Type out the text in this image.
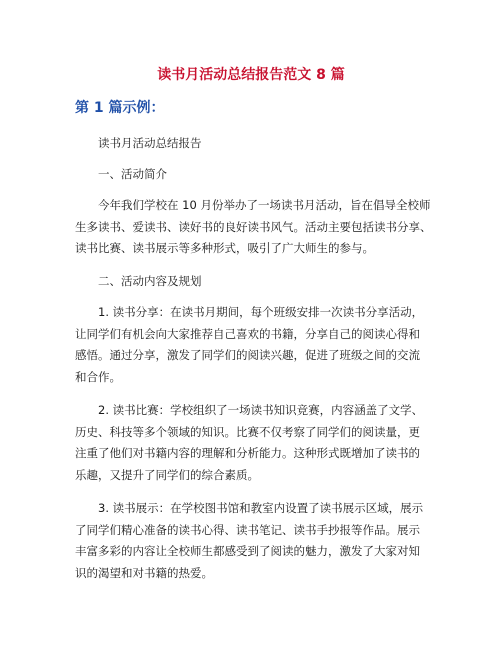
读书月活动总结报告范文 8 篇
第 1 篇示例：
读书月活动总结报告
一、活动简介
今年我们学校在 10 月份举办了一场读书月活动，旨在倡导全校师
生多读书、爱读书、读好书的良好读书风气。活动主要包括读书分享、
读书比赛、读书展示等多种形式，吸引了广大师生的参与。
二、活动内容及规划
1. 读书分享：在读书月期间，每个班级安排一次读书分享活动，
让同学们有机会向大家推荐自己喜欢的书籍，分享自己的阅读心得和
感悟。通过分享，激发了同学们的阅读兴趣，促进了班级之间的交流
和合作。
2. 读书比赛：学校组织了一场读书知识竞赛，内容涵盖了文学、
历史、科技等多个领域的知识。比赛不仅考察了同学们的阅读量，更
注重了他们对书籍内容的理解和分析能力。这种形式既增加了读书的
乐趣，又提升了同学们的综合素质。
3. 读书展示：在学校图书馆和教室内设置了读书展示区域，展示
了同学们精心准备的读书心得、读书笔记、读书手抄报等作品。展示
丰富多彩的内容让全校师生都感受到了阅读的魅力，激发了大家对知
识的渴望和对书籍的热爱。
